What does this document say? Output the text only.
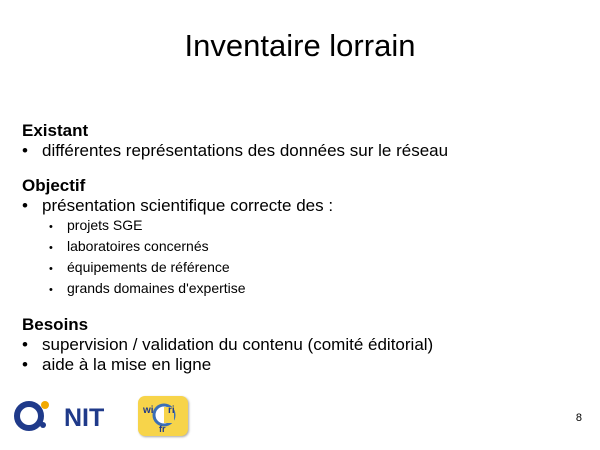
Inventaire lorrain
Existant
• différentes représentations des données sur le réseau
Objectif
• présentation scientifique correcte des :
•	projets SGE
•	laboratoires concernés
•	équipements de référence
•	grands domaines d'expertise
Besoins
• supervision / validation du contenu (comité éditorial)
• aide à la mise en ligne
NIT	wi ri
fr
8
